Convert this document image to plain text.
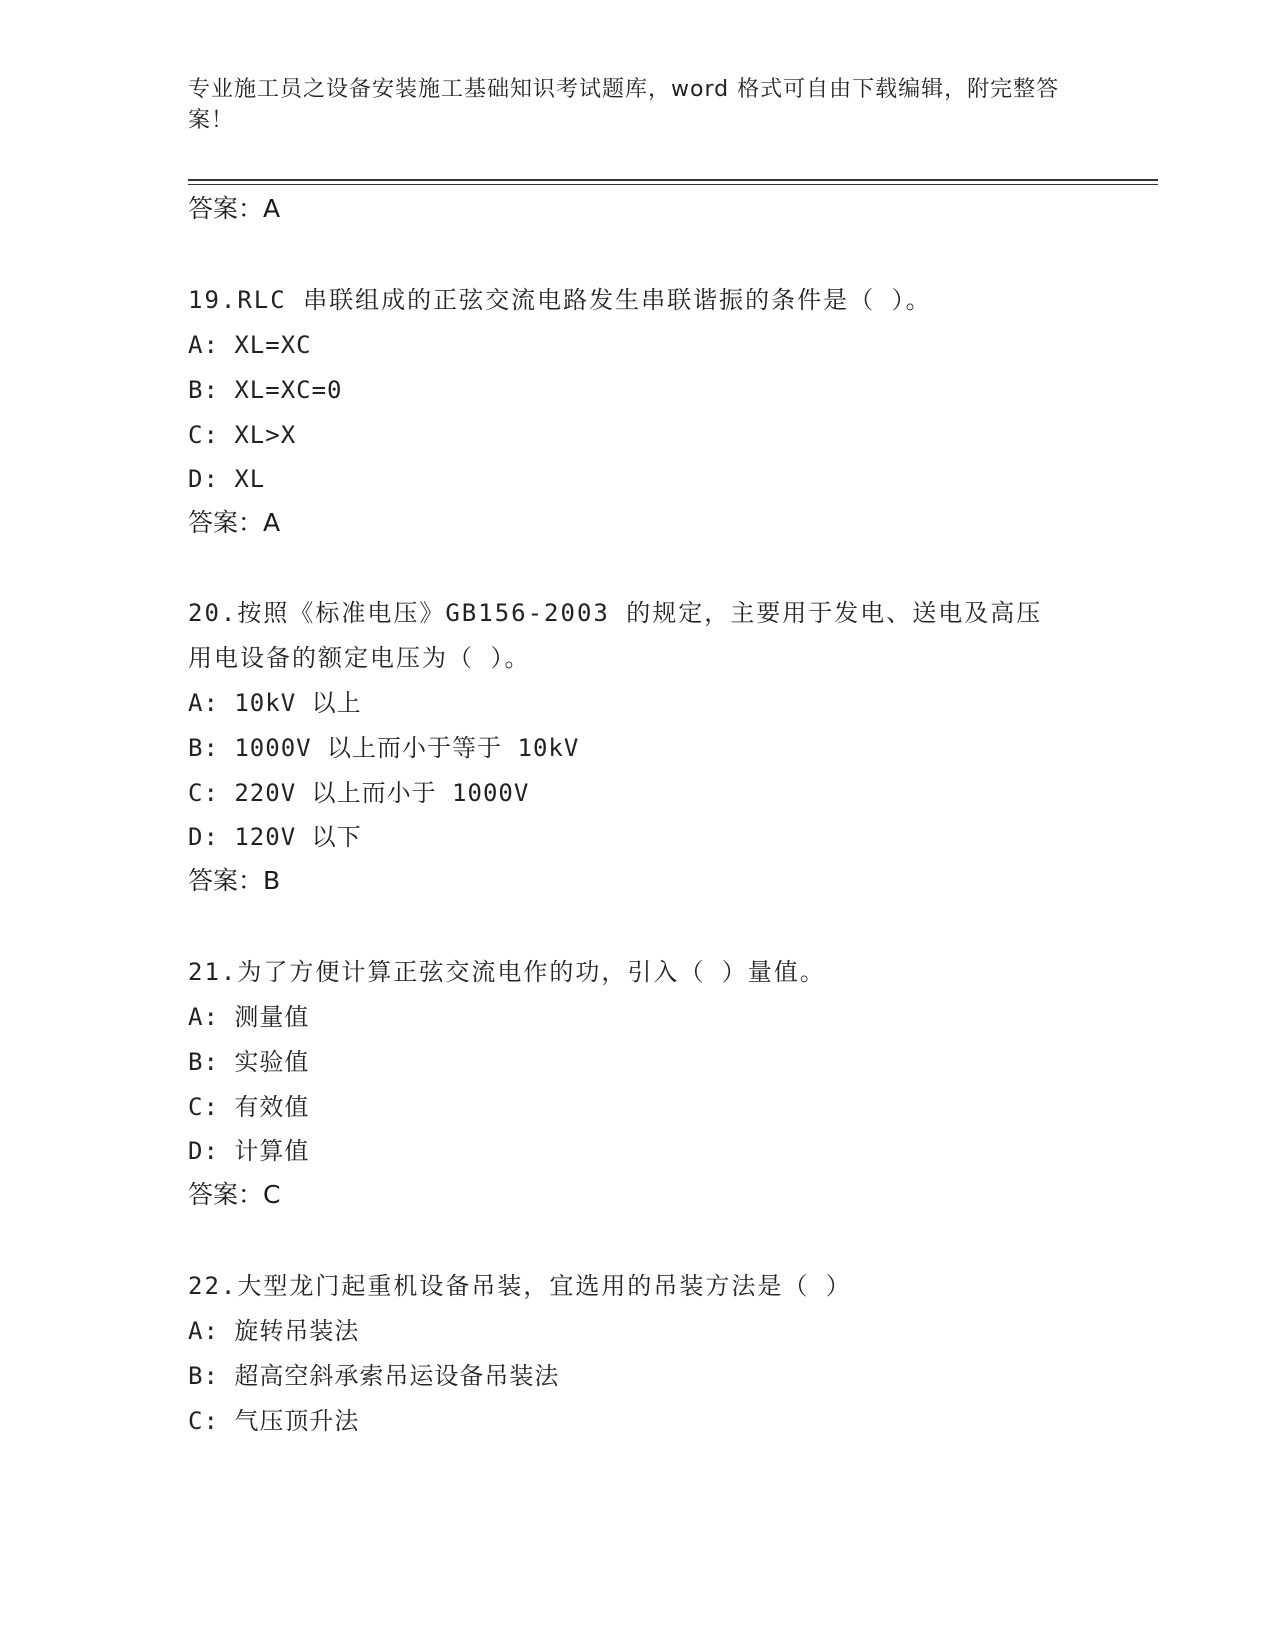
专业施工员之设备安装施工基础知识考试题库，word 格式可自由下载编辑，附完整答案！
答案：A
19.RLC 串联组成的正弦交流电路发生串联谐振的条件是（ ）。
A: XL=XC
B: XL=XC=0
C: XL>X
D: XL
答案：A
20.按照《标准电压》GB156-2003 的规定，主要用于发电、送电及高压
用电设备的额定电压为（ ）。
A: 10kV 以上
B: 1000V 以上而小于等于 10kV
C: 220V 以上而小于 1000V
D: 120V 以下
答案：B
21.为了方便计算正弦交流电作的功，引入（ ）量值。
A: 测量值
B: 实验值
C: 有效值
D: 计算值
答案：C
22.大型龙门起重机设备吊装，宜选用的吊装方法是（ ）
A: 旋转吊装法
B: 超高空斜承索吊运设备吊装法
C: 气压顶升法
